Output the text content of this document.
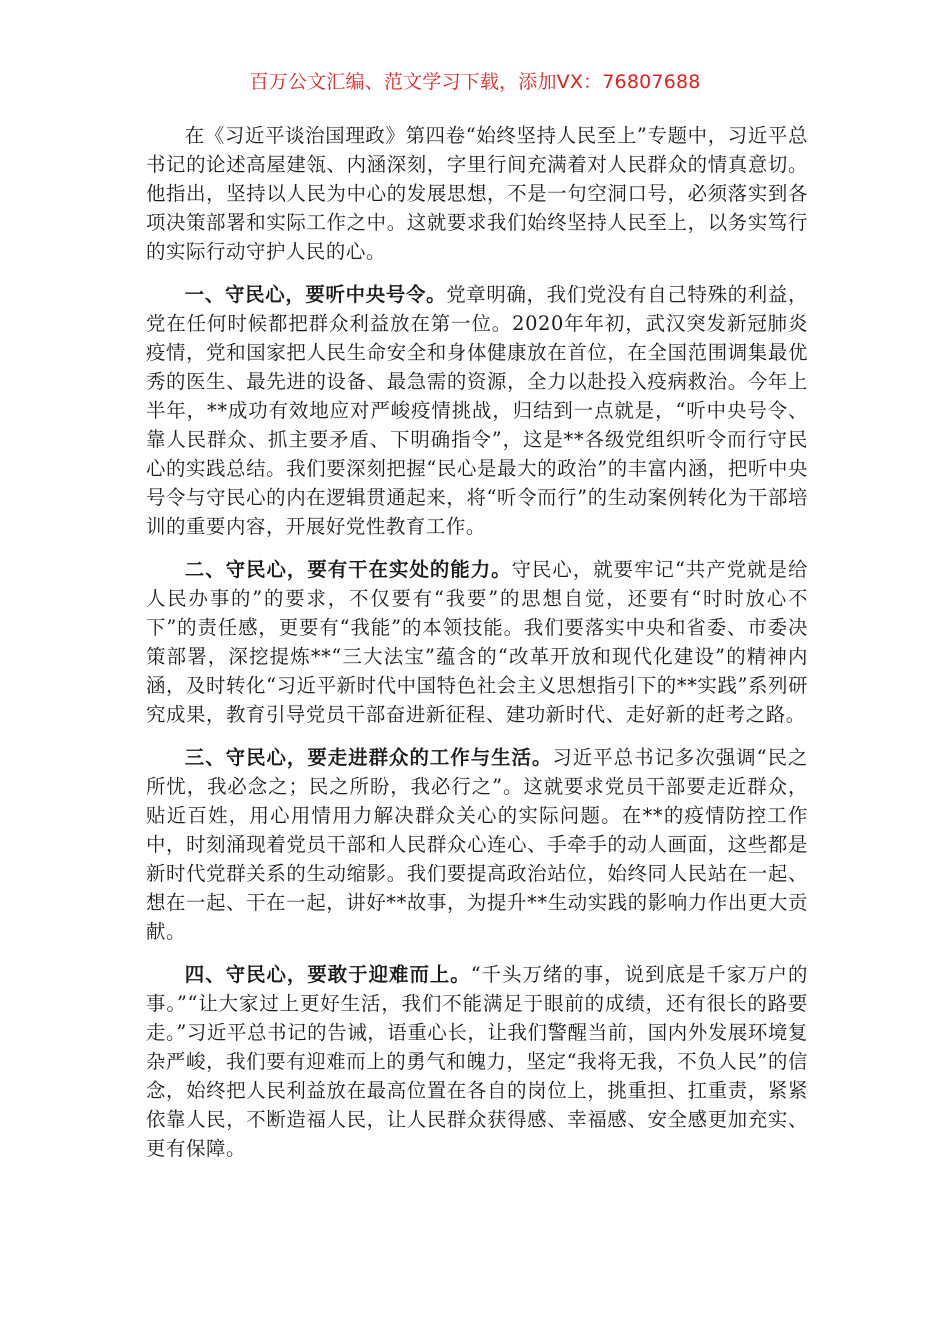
百万公文汇编、范文学习下载，添加VX：76807688

在《习近平谈治国理政》第四卷“始终坚持人民至上”专题中，习近平总书记的论述高屋建瓴、内涵深刻，字里行间充满着对人民群众的情真意切。他指出，坚持以人民为中心的发展思想，不是一句空洞口号，必须落实到各项决策部署和实际工作之中。这就要求我们始终坚持人民至上，以务实笃行的实际行动守护人民的心。

一、守民心，要听中央号令。党章明确，我们党没有自己特殊的利益，党在任何时候都把群众利益放在第一位。2020年年初，武汉突发新冠肺炎疫情，党和国家把人民生命安全和身体健康放在首位，在全国范围调集最优秀的医生、最先进的设备、最急需的资源，全力以赴投入疫病救治。今年上半年，**成功有效地应对严峻疫情挑战，归结到一点就是，“听中央号令、靠人民群众、抓主要矛盾、下明确指令”，这是**各级党组织听令而行守民心的实践总结。我们要深刻把握“民心是最大的政治”的丰富内涵，把听中央号令与守民心的内在逻辑贯通起来，将“听令而行”的生动案例转化为干部培训的重要内容，开展好党性教育工作。

二、守民心，要有干在实处的能力。守民心，就要牢记“共产党就是给人民办事的”的要求，不仅要有“我要”的思想自觉，还要有“时时放心不下”的责任感，更要有“我能”的本领技能。我们要落实中央和省委、市委决策部署，深挖提炼**“三大法宝”蕴含的“改革开放和现代化建设”的精神内涵，及时转化“习近平新时代中国特色社会主义思想指引下的**实践”系列研究成果，教育引导党员干部奋进新征程、建功新时代、走好新的赶考之路。

三、守民心，要走进群众的工作与生活。习近平总书记多次强调“民之所忧，我必念之；民之所盼，我必行之”。这就要求党员干部要走近群众，贴近百姓，用心用情用力解决群众关心的实际问题。在**的疫情防控工作中，时刻涌现着党员干部和人民群众心连心、手牵手的动人画面，这些都是新时代党群关系的生动缩影。我们要提高政治站位，始终同人民站在一起、想在一起、干在一起，讲好**故事，为提升**生动实践的影响力作出更大贡献。

四、守民心，要敢于迎难而上。“千头万绪的事，说到底是千家万户的事。”“让大家过上更好生活，我们不能满足于眼前的成绩，还有很长的路要走。”习近平总书记的告诫，语重心长，让我们警醒当前，国内外发展环境复杂严峻，我们要有迎难而上的勇气和魄力，坚定“我将无我，不负人民”的信念，始终把人民利益放在最高位置在各自的岗位上，挑重担、扛重责，紧紧依靠人民，不断造福人民，让人民群众获得感、幸福感、安全感更加充实、更有保障。
